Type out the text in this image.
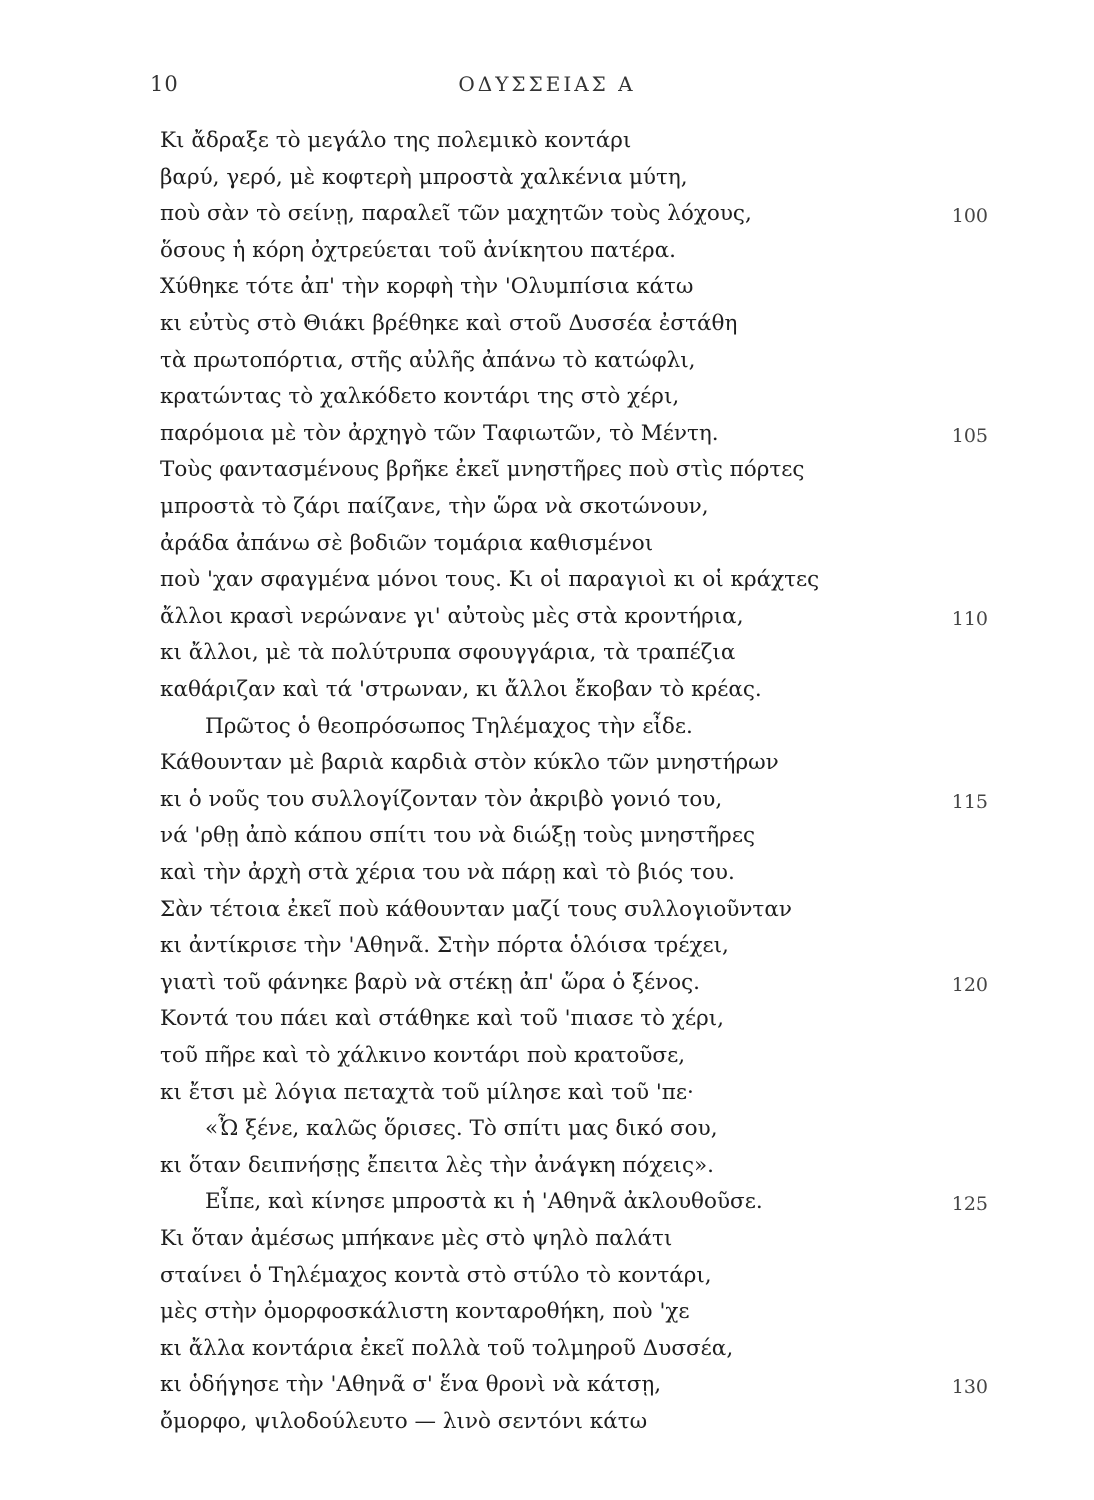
10	ΟΔΥΣΣΕΙΑΣ Α
Κι ἄδραξε τὸ μεγάλο της πολεμικὸ κοντάρι
βαρύ, γερό, μὲ κοφτερὴ μπροστὰ χαλκένια μύτη,
ποὺ σὰν τὸ σείνῃ, παραλεῖ τῶν μαχητῶν τοὺς λόχους,	100
ὅσους ἡ κόρη ὀχτρεύεται τοῦ ἀνίκητου πατέρα.
Χύθηκε τότε ἀπ' τὴν κορφὴ τὴν 'Ολυμπίσια κάτω
κι εὐτὺς στὸ Θιάκι βρέθηκε καὶ στοῦ Δυσσέα ἐστάθη
τὰ πρωτοπόρτια, στῆς αὐλῆς ἀπάνω τὸ κατώφλι,
κρατώντας τὸ χαλκόδετο κοντάρι της στὸ χέρι,
παρόμοια μὲ τὸν ἀρχηγὸ τῶν Ταφιωτῶν, τὸ Μέντη.	105
Τοὺς φαντασμένους βρῆκε ἐκεῖ μνηστῆρες ποὺ στὶς πόρτες
μπροστὰ τὸ ζάρι παίζανε, τὴν ὥρα νὰ σκοτώνουν,
ἀράδα ἀπάνω σὲ βοδιῶν τομάρια καθισμένοι
ποὺ 'χαν σφαγμένα μόνοι τους. Κι οἱ παραγιοὶ κι οἱ κράχτες
ἄλλοι κρασὶ νερώνανε γι' αὐτοὺς μὲς στὰ κροντήρια,	110
κι ἄλλοι, μὲ τὰ πολύτρυπα σφουγγάρια, τὰ τραπέζια
καθάριζαν καὶ τά 'στρωναν, κι ἄλλοι ἔκοβαν τὸ κρέας.
Πρῶτος ὁ θεοπρόσωπος Τηλέμαχος τὴν εἶδε.
Κάθουνταν μὲ βαριὰ καρδιὰ στὸν κύκλο τῶν μνηστήρων
κι ὁ νοῦς του συλλογίζονταν τὸν ἀκριβὸ γονιό του,	115
νά 'ρθῃ ἀπὸ κάπου σπίτι του νὰ διώξῃ τοὺς μνηστῆρες
καὶ τὴν ἀρχὴ στὰ χέρια του νὰ πάρῃ καὶ τὸ βιός του.
Σὰν τέτοια ἐκεῖ ποὺ κάθουνταν μαζί τους συλλογιοῦνταν
κι ἀντίκρισε τὴν 'Αθηνᾶ. Στὴν πόρτα ὁλόισα τρέχει,
γιατὶ τοῦ φάνηκε βαρὺ νὰ στέκῃ ἀπ' ὥρα ὁ ξένος.	120
Κοντά του πάει καὶ στάθηκε καὶ τοῦ 'πιασε τὸ χέρι,
τοῦ πῆρε καὶ τὸ χάλκινο κοντάρι ποὺ κρατοῦσε,
κι ἔτσι μὲ λόγια πεταχτὰ τοῦ μίλησε καὶ τοῦ 'πε·
«Ὦ ξένε, καλῶς ὅρισες. Τὸ σπίτι μας δικό σου,
κι ὅταν δειπνήσῃς ἔπειτα λὲς τὴν ἀνάγκη πόχεις».
Εἶπε, καὶ κίνησε μπροστὰ κι ἡ 'Αθηνᾶ ἀκλουθοῦσε.	125
Κι ὅταν ἀμέσως μπήκανε μὲς στὸ ψηλὸ παλάτι
σταίνει ὁ Τηλέμαχος κοντὰ στὸ στύλο τὸ κοντάρι,
μὲς στὴν ὀμορφοσκάλιστη κονταροθήκη, ποὺ 'χε
κι ἄλλα κοντάρια ἐκεῖ πολλὰ τοῦ τολμηροῦ Δυσσέα,
κι ὁδήγησε τὴν 'Αθηνᾶ σ' ἕνα θρονὶ νὰ κάτσῃ,	130
ὄμορφο, ψιλοδούλευτο — λινὸ σεντόνι κάτω
